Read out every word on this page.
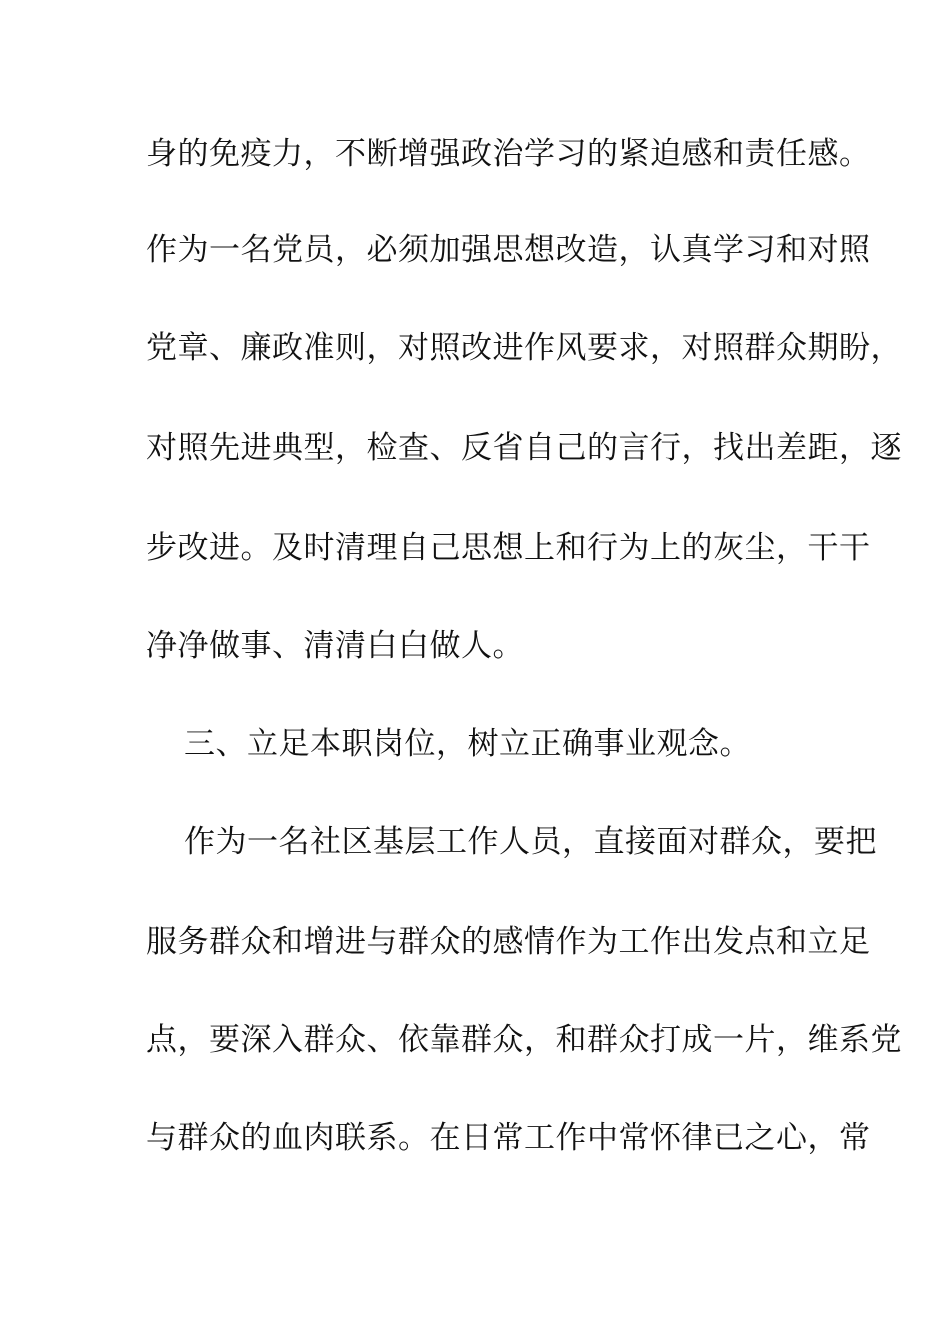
身的免疫力，不断增强政治学习的紧迫感和责任感。
作为一名党员，必须加强思想改造，认真学习和对照
党章、廉政准则，对照改进作风要求，对照群众期盼，
对照先进典型，检查、反省自己的言行，找出差距，逐
步改进。及时清理自己思想上和行为上的灰尘，干干
净净做事、清清白白做人。
三、立足本职岗位，树立正确事业观念。
作为一名社区基层工作人员，直接面对群众，要把
服务群众和增进与群众的感情作为工作出发点和立足
点，要深入群众、依靠群众，和群众打成一片，维系党
与群众的血肉联系。在日常工作中常怀律已之心，常
